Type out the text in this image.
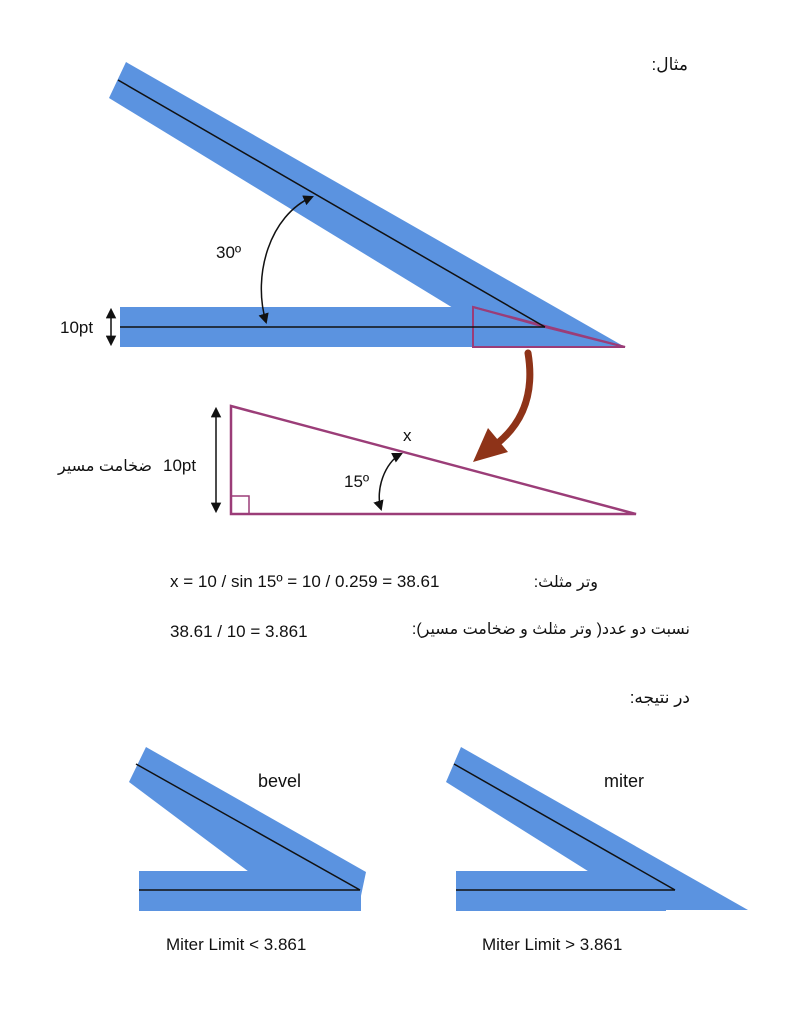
مثال:
30º
10pt
10pt
ضخامت مسیر
x
15º
x = 10 / sin 15º = 10 / 0.259 = 38.61	وتر مثلث:
38.61 / 10 = 3.861	نسبت دو عدد( وتر مثلث و ضخامت مسیر):
در نتیجه:
bevel
Miter Limit < 3.861
miter
Miter Limit > 3.861
